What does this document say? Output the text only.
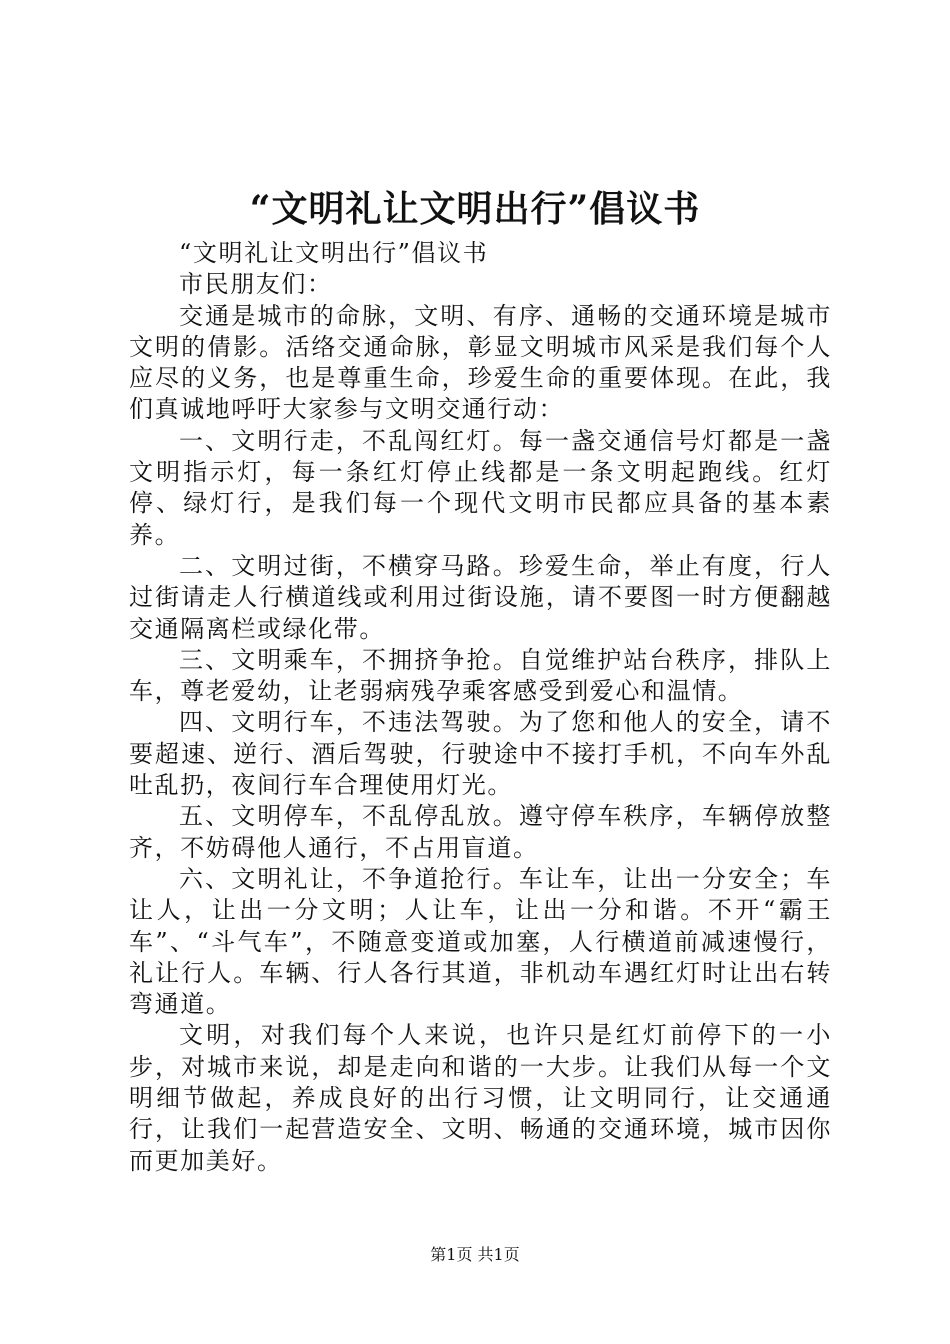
“文明礼让文明出行”倡议书

“文明礼让文明出行”倡议书

市民朋友们：

交通是城市的命脉，文明、有序、通畅的交通环境是城市文明的倩影。活络交通命脉，彰显文明城市风采是我们每个人应尽的义务，也是尊重生命，珍爱生命的重要体现。在此，我们真诚地呼吁大家参与文明交通行动：

一、文明行走，不乱闯红灯。每一盏交通信号灯都是一盏文明指示灯，每一条红灯停止线都是一条文明起跑线。红灯停、绿灯行，是我们每一个现代文明市民都应具备的基本素养。

二、文明过街，不横穿马路。珍爱生命，举止有度，行人过街请走人行横道线或利用过街设施，请不要图一时方便翻越交通隔离栏或绿化带。

三、文明乘车，不拥挤争抢。自觉维护站台秩序，排队上车，尊老爱幼，让老弱病残孕乘客感受到爱心和温情。

四、文明行车，不违法驾驶。为了您和他人的安全，请不要超速、逆行、酒后驾驶，行驶途中不接打手机，不向车外乱吐乱扔，夜间行车合理使用灯光。

五、文明停车，不乱停乱放。遵守停车秩序，车辆停放整齐，不妨碍他人通行，不占用盲道。

六、文明礼让，不争道抢行。车让车，让出一分安全；车让人，让出一分文明；人让车，让出一分和谐。不开“霸王车”、“斗气车”，不随意变道或加塞，人行横道前减速慢行，礼让行人。车辆、行人各行其道，非机动车遇红灯时让出右转弯通道。

文明，对我们每个人来说，也许只是红灯前停下的一小步，对城市来说，却是走向和谐的一大步。让我们从每一个文明细节做起，养成良好的出行习惯，让文明同行，让交通通行，让我们一起营造安全、文明、畅通的交通环境，城市因你而更加美好。

第1页 共1页
